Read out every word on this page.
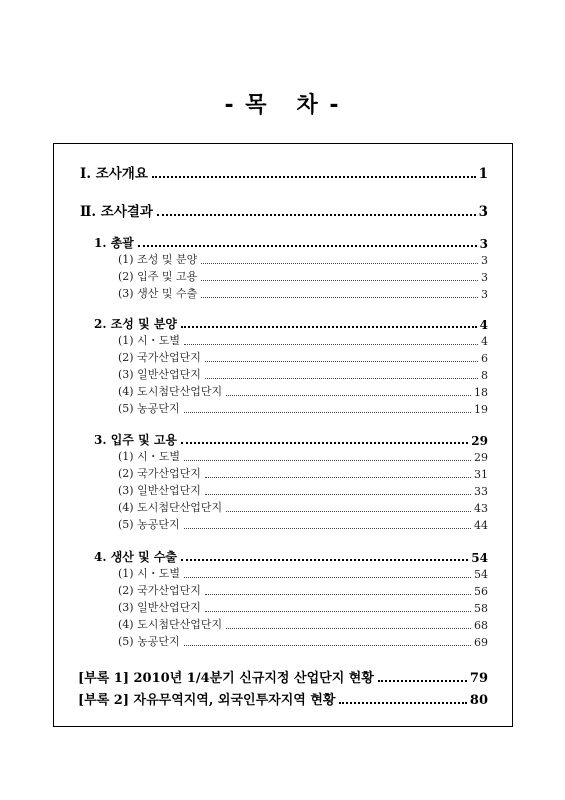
- 목 차 -
Ⅰ. 조사개요	1
Ⅱ. 조사결과	3
1. 총괄	3
(1) 조성 및 분양	3
(2) 입주 및 고용	3
(3) 생산 및 수출	3
2. 조성 및 분양	4
(1) 시・도별	4
(2) 국가산업단지	6
(3) 일반산업단지	8
(4) 도시첨단산업단지	18
(5) 농공단지	19
3. 입주 및 고용	29
(1) 시・도별	29
(2) 국가산업단지	31
(3) 일반산업단지	33
(4) 도시첨단산업단지	43
(5) 농공단지	44
4. 생산 및 수출	54
(1) 시・도별	54
(2) 국가산업단지	56
(3) 일반산업단지	58
(4) 도시첨단산업단지	68
(5) 농공단지	69
[부록 1] 2010년 1/4분기 신규지정 산업단지 현황	79
[부록 2] 자유무역지역, 외국인투자지역 현황	80
